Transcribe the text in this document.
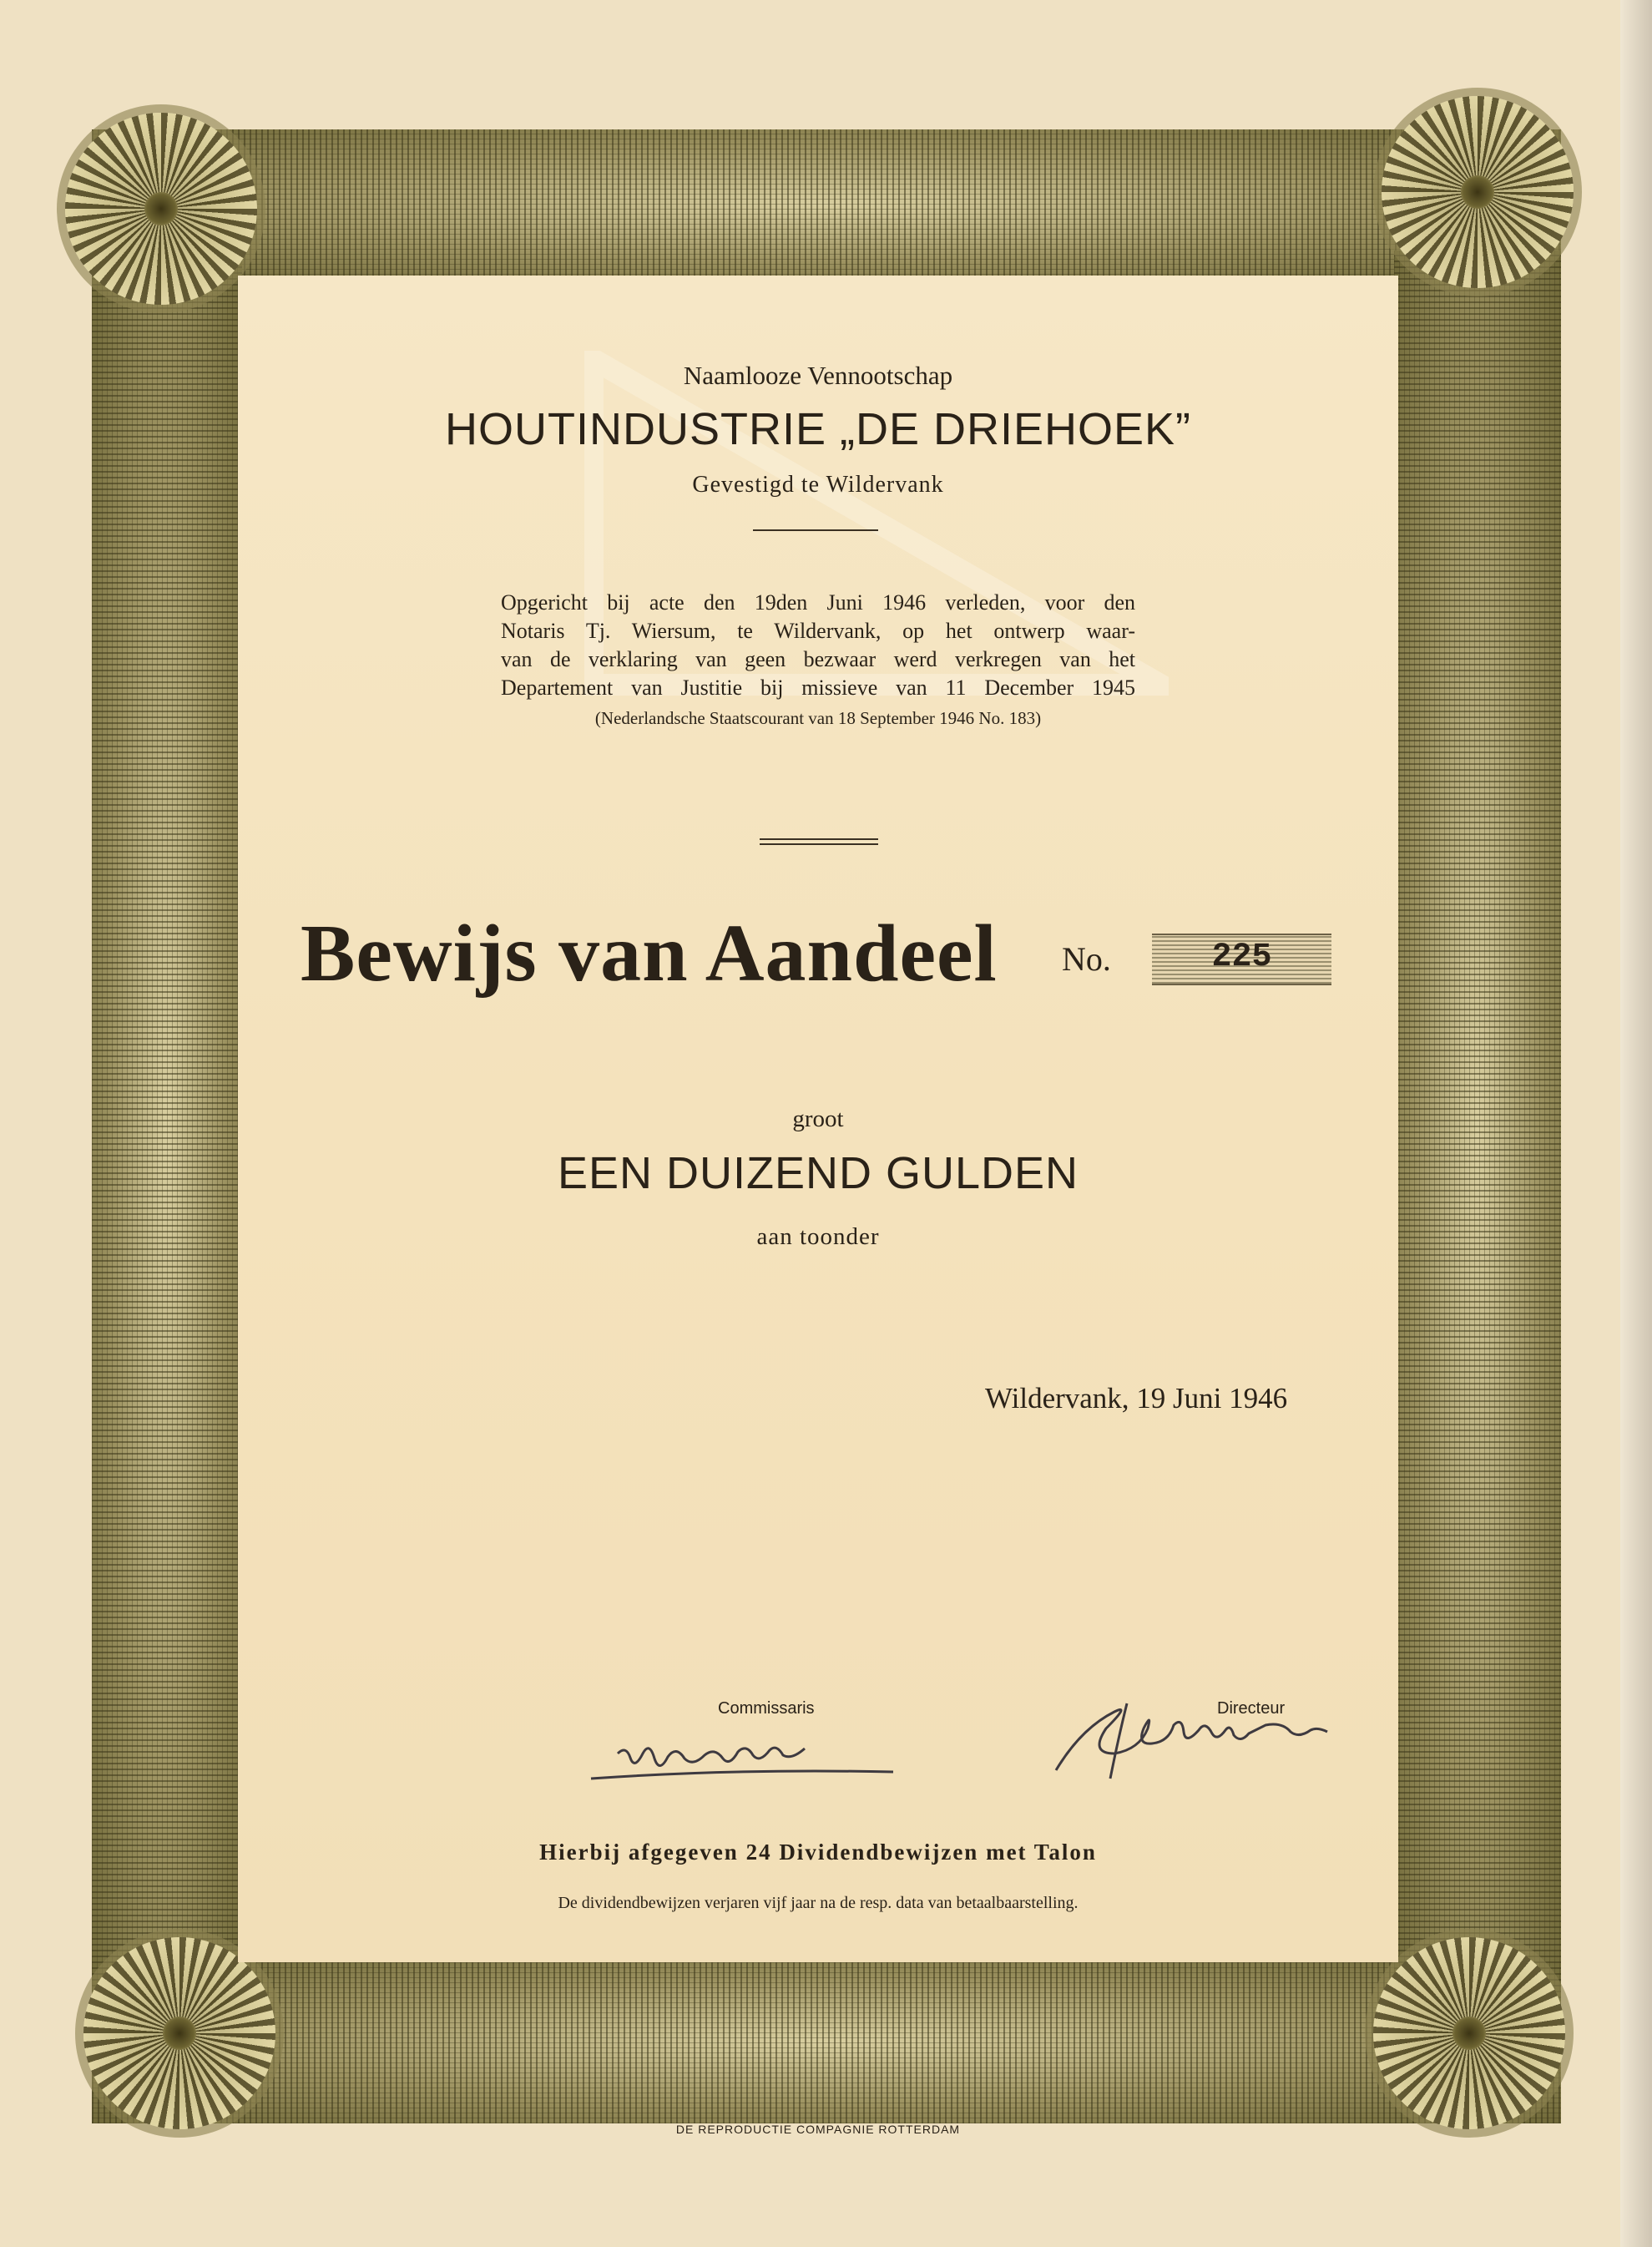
Naamlooze Vennootschap
HOUTINDUSTRIE „DE DRIEHOEK”
Gevestigd te Wildervank

Opgericht bij acte den 19den Juni 1946 verleden, voor den

Notaris Tj. Wiersum, te Wildervank, op het ontwerp waar-

van de verklaring van geen bezwaar werd verkregen van het

Departement van Justitie bij missieve van 11 December 1945

(Nederlandsche Staatscourant van 18 September 1946 No. 183)
Bewijs van Aandeel No.	225
groot
EEN DUIZEND GULDEN
aan toonder
Wildervank, 19 Juni 1946
Commissaris	Directeur
Hierbij afgegeven 24 Dividendbewijzen met Talon
De dividendbewijzen verjaren vijf jaar na de resp. data van betaalbaarstelling.
DE REPRODUCTIE COMPAGNIE ROTTERDAM
